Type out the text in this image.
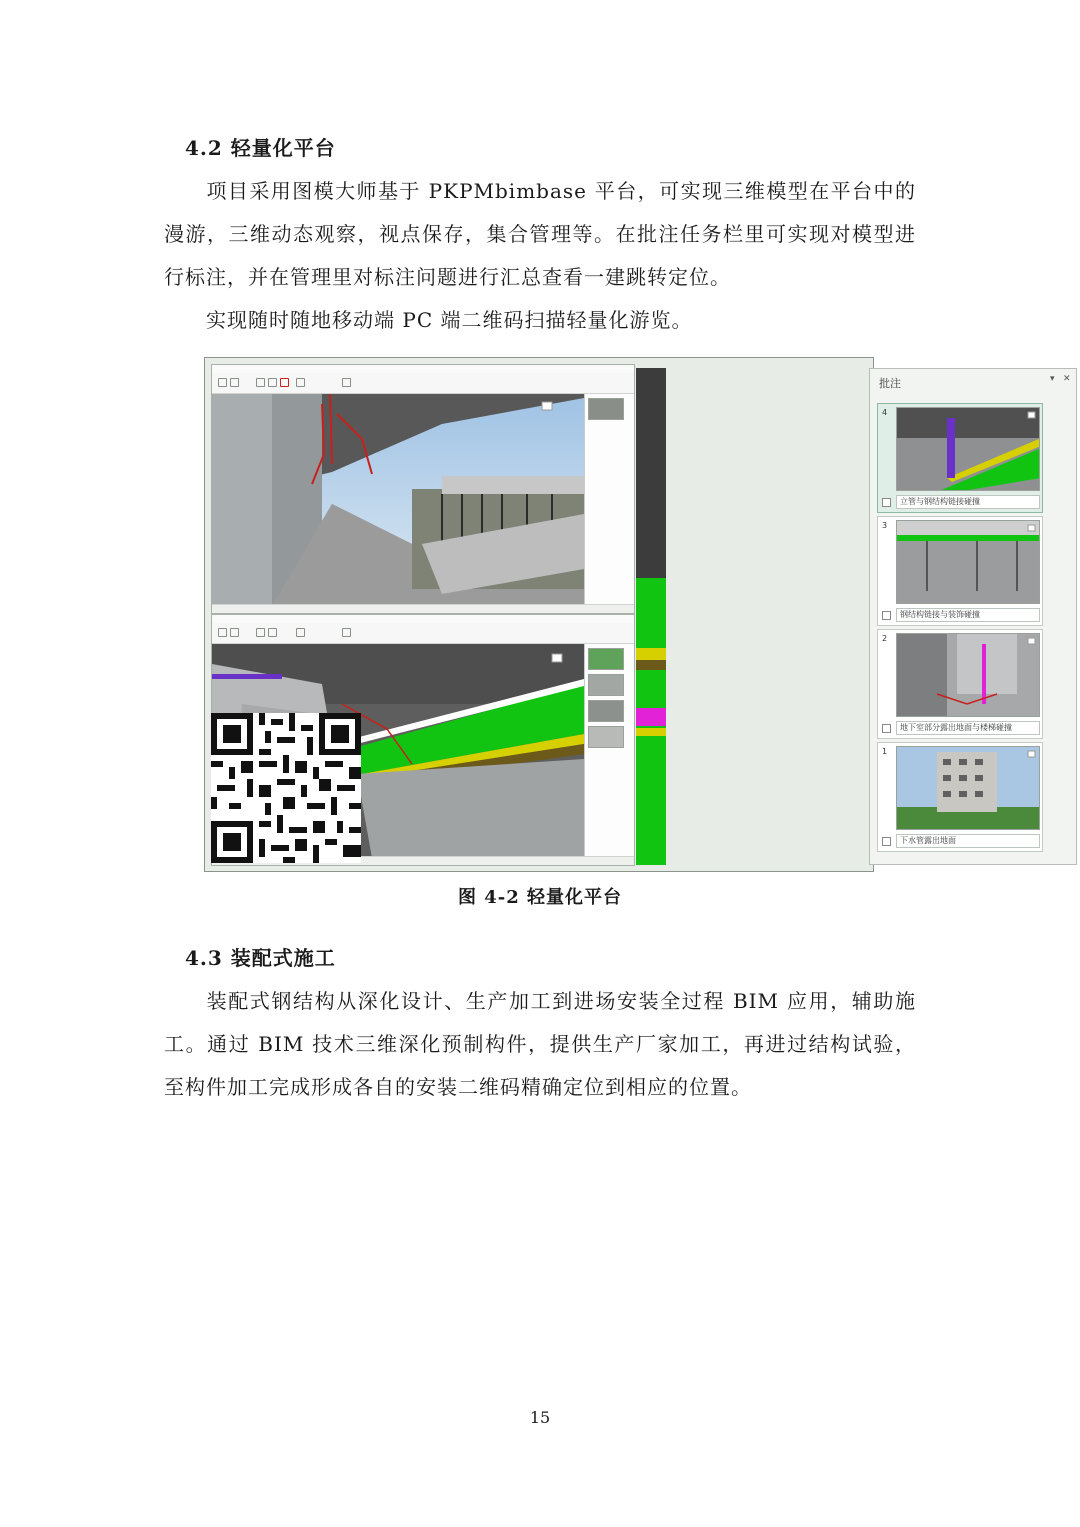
4.2 轻量化平台
项目采用图模大师基于 PKPMbimbase 平台，可实现三维模型在平台中的漫游，三维动态观察，视点保存，集合管理等。在批注任务栏里可实现对模型进行标注，并在管理里对标注问题进行汇总查看一建跳转定位。
实现随时随地移动端 PC 端二维码扫描轻量化游览。
批注	▾ ✕
4
立管与钢结构链接碰撞
3
钢结构链接与装饰碰撞
2
地下室部分露出地面与楼梯碰撞
1
下水管露出地面
图 4-2 轻量化平台
4.3 装配式施工
装配式钢结构从深化设计、生产加工到进场安装全过程 BIM 应用，辅助施工。通过 BIM 技术三维深化预制构件，提供生产厂家加工，再进过结构试验，至构件加工完成形成各自的安装二维码精确定位到相应的位置。
15
